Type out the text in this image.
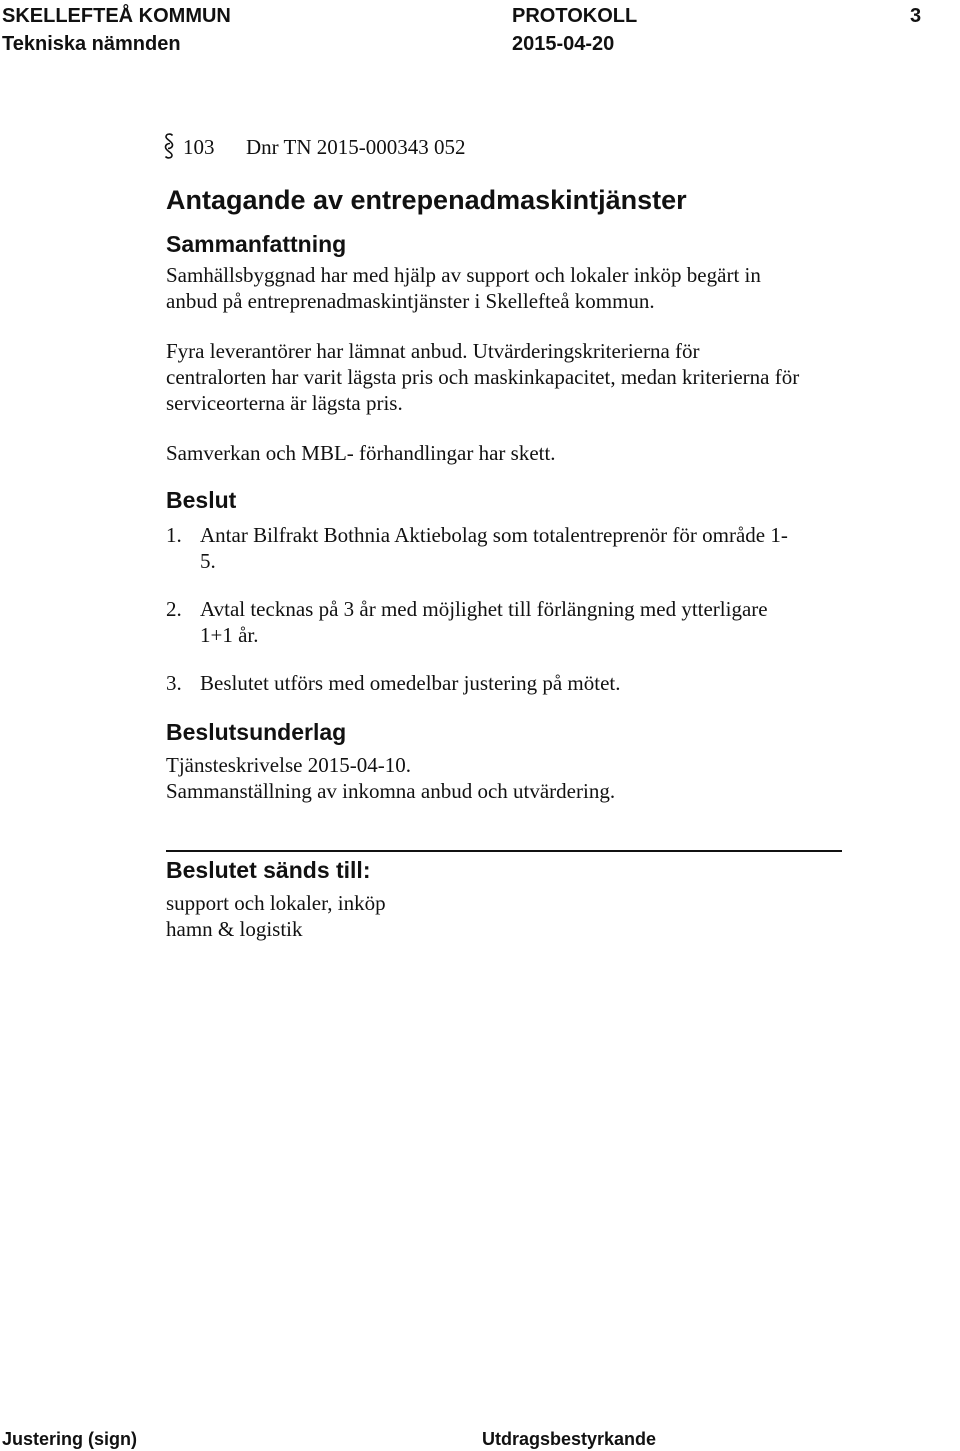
SKELLEFTEÅ KOMMUN	PROTOKOLL	3
Tekniska nämnden	2015-04-20
103 Dnr TN 2015-000343 052
Antagande av entrepenadmaskintjänster
Sammanfattning
Samhällsbyggnad har med hjälp av support och lokaler inköp begärt in
anbud på entreprenadmaskintjänster i Skellefteå kommun.
Fyra leverantörer har lämnat anbud. Utvärderingskriterierna för
centralorten har varit lägsta pris och maskinkapacitet, medan kriterierna för
serviceorterna är lägsta pris.
Samverkan och MBL- förhandlingar har skett.
Beslut
1. Antar Bilfrakt Bothnia Aktiebolag som totalentreprenör för område 1-
5.
2. Avtal tecknas på 3 år med möjlighet till förlängning med ytterligare
1+1 år.
3. Beslutet utförs med omedelbar justering på mötet.
Beslutsunderlag
Tjänsteskrivelse 2015-04-10.
Sammanställning av inkomna anbud och utvärdering.
Beslutet sänds till:
support och lokaler, inköp
hamn & logistik
Justering (sign)	Utdragsbestyrkande
